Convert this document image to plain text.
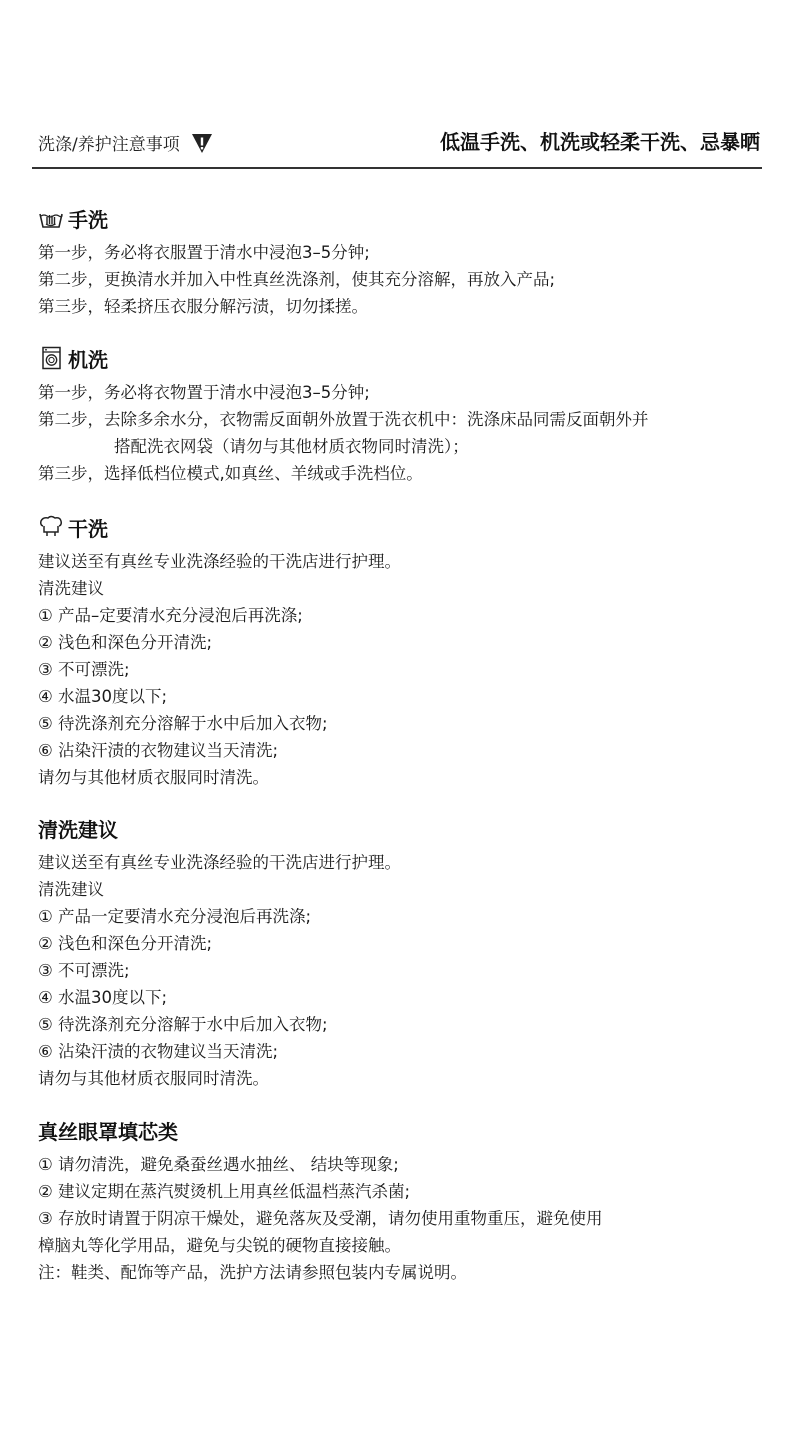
洗涤/养护注意事项	低温手洗、机洗或轻柔干洗、忌暴晒
手洗
第一步，务必将衣服置于清水中浸泡3–5分钟;
第二步，更换清水并加入中性真丝洗涤剂，使其充分溶解，再放入产品;
第三步，轻柔挤压衣服分解污渍，切勿揉搓。
机洗
第一步，务必将衣物置于清水中浸泡3–5分钟;
第二步，去除多余水分，衣物需反面朝外放置于洗衣机中：洗涤床品同需反面朝外并
搭配洗衣网袋（请勿与其他材质衣物同时清洗）；
第三步，选择低档位模式,如真丝、羊绒或手洗档位。
干洗
建议送至有真丝专业洗涤经验的干洗店进行护理。
清洗建议
① 产品–定要清水充分浸泡后再洗涤;
② 浅色和深色分开清洗;
③ 不可漂洗;
④ 水温30度以下;
⑤ 待洗涤剂充分溶解于水中后加入衣物;
⑥ 沾染汗渍的衣物建议当天清洗;
请勿与其他材质衣服同时清洗。
清洗建议
建议送至有真丝专业洗涤经验的干洗店进行护理。
清洗建议
① 产品一定要清水充分浸泡后再洗涤;
② 浅色和深色分开清洗;
③ 不可漂洗;
④ 水温30度以下;
⑤ 待洗涤剂充分溶解于水中后加入衣物;
⑥ 沾染汗渍的衣物建议当天清洗;
请勿与其他材质衣服同时清洗。
真丝眼罩填芯类
① 请勿清洗，避免桑蚕丝遇水抽丝、 结块等现象;
② 建议定期在蒸汽熨烫机上用真丝低温档蒸汽杀菌;
③ 存放时请置于阴凉干燥处，避免落灰及受潮，请勿使用重物重压，避免使用
樟脑丸等化学用品，避免与尖锐的硬物直接接触。
注：鞋类、配饰等产品，洗护方法请参照包装内专属说明。
